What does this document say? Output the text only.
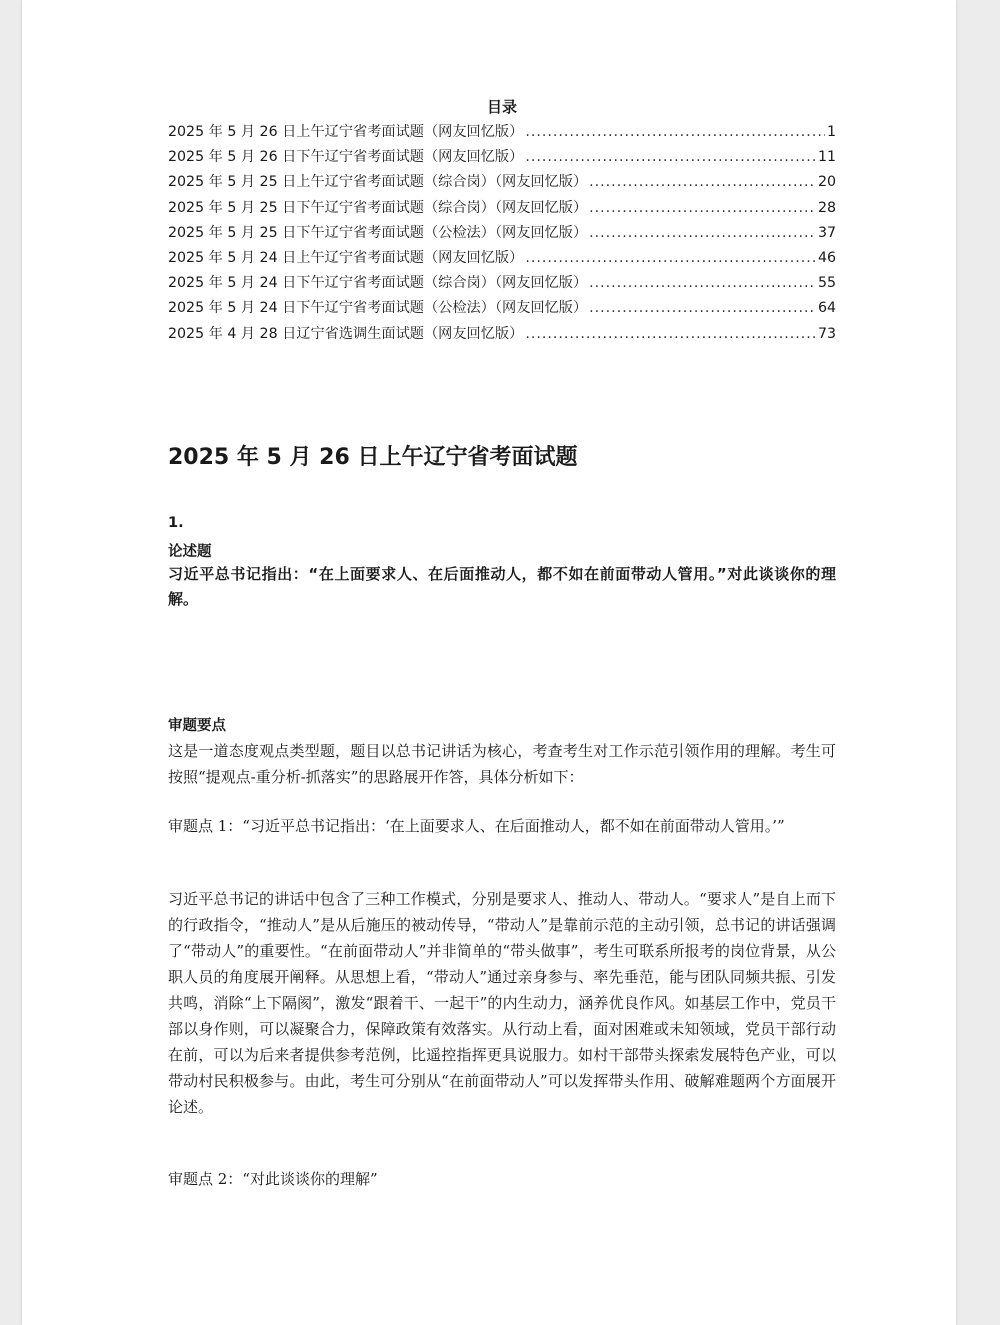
目录
2025 年 5 月 26 日上午辽宁省考面试题（网友回忆版） .....	1
2025 年 5 月 26 日下午辽宁省考面试题（网友回忆版） .....	11
2025 年 5 月 25 日上午辽宁省考面试题（综合岗）（网友回忆版） .....	20
2025 年 5 月 25 日下午辽宁省考面试题（综合岗）（网友回忆版） .....	28
2025 年 5 月 25 日下午辽宁省考面试题（公检法）（网友回忆版） .....	37
2025 年 5 月 24 日上午辽宁省考面试题（网友回忆版） .....	46
2025 年 5 月 24 日下午辽宁省考面试题（综合岗）（网友回忆版） .....	55
2025 年 5 月 24 日下午辽宁省考面试题（公检法）（网友回忆版） .....	64
2025 年 4 月 28 日辽宁省选调生面试题（网友回忆版） .....	73
2025 年 5 月 26 日上午辽宁省考面试题
1.
论述题
习近平总书记指出：“在上面要求人、在后面推动人，都不如在前面带动人管用。”对此谈谈你的理解。
审题要点
这是一道态度观点类型题，题目以总书记讲话为核心，考查考生对工作示范引领作用的理解。考生可按照“提观点-重分析-抓落实”的思路展开作答，具体分析如下：
审题点 1：“习近平总书记指出：‘在上面要求人、在后面推动人，都不如在前面带动人管用。’”
习近平总书记的讲话中包含了三种工作模式，分别是要求人、推动人、带动人。“要求人”是自上而下的行政指令，“推动人”是从后施压的被动传导，“带动人”是靠前示范的主动引领，总书记的讲话强调了“带动人”的重要性。“在前面带动人”并非简单的“带头做事”，考生可联系所报考的岗位背景，从公职人员的角度展开阐释。从思想上看，“带动人”通过亲身参与、率先垂范，能与团队同频共振、引发共鸣，消除“上下隔阂”，激发“跟着干、一起干”的内生动力，涵养优良作风。如基层工作中，党员干部以身作则，可以凝聚合力，保障政策有效落实。从行动上看，面对困难或未知领域，党员干部行动在前，可以为后来者提供参考范例，比遥控指挥更具说服力。如村干部带头探索发展特色产业，可以带动村民积极参与。由此，考生可分别从“在前面带动人”可以发挥带头作用、破解难题两个方面展开论述。
审题点 2：“对此谈谈你的理解”
